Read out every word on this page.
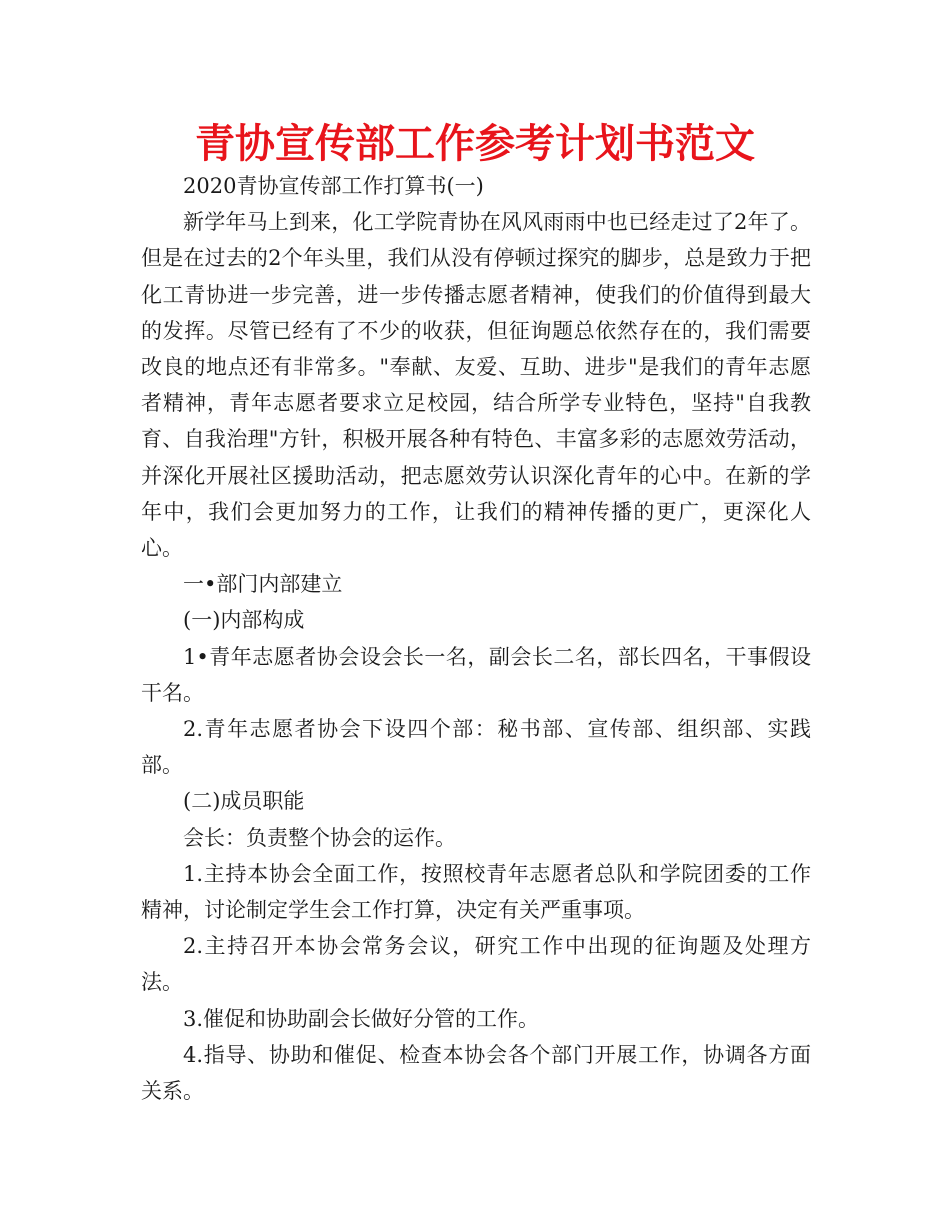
青协宣传部工作参考计划书范文

2020青协宣传部工作打算书(一)

新学年马上到来，化工学院青协在风风雨雨中也已经走过了2年了。但是在过去的2个年头里，我们从没有停顿过探究的脚步，总是致力于把化工青协进一步完善，进一步传播志愿者精神，使我们的价值得到最大的发挥。尽管已经有了不少的收获，但征询题总依然存在的，我们需要改良的地点还有非常多。"奉献、友爱、互助、进步"是我们的青年志愿者精神，青年志愿者要求立足校园，结合所学专业特色，坚持"自我教育、自我治理"方针，积极开展各种有特色、丰富多彩的志愿效劳活动，并深化开展社区援助活动，把志愿效劳认识深化青年的心中。在新的学年中，我们会更加努力的工作，让我们的精神传播的更广，更深化人心。

一•部门内部建立

(一)内部构成

1•青年志愿者协会设会长一名，副会长二名，部长四名，干事假设干名。

2.青年志愿者协会下设四个部：秘书部、宣传部、组织部、实践部。

(二)成员职能

会长：负责整个协会的运作。

1.主持本协会全面工作，按照校青年志愿者总队和学院团委的工作精神，讨论制定学生会工作打算，决定有关严重事项。

2.主持召开本协会常务会议，研究工作中出现的征询题及处理方法。

3.催促和协助副会长做好分管的工作。

4.指导、协助和催促、检查本协会各个部门开展工作，协调各方面关系。
